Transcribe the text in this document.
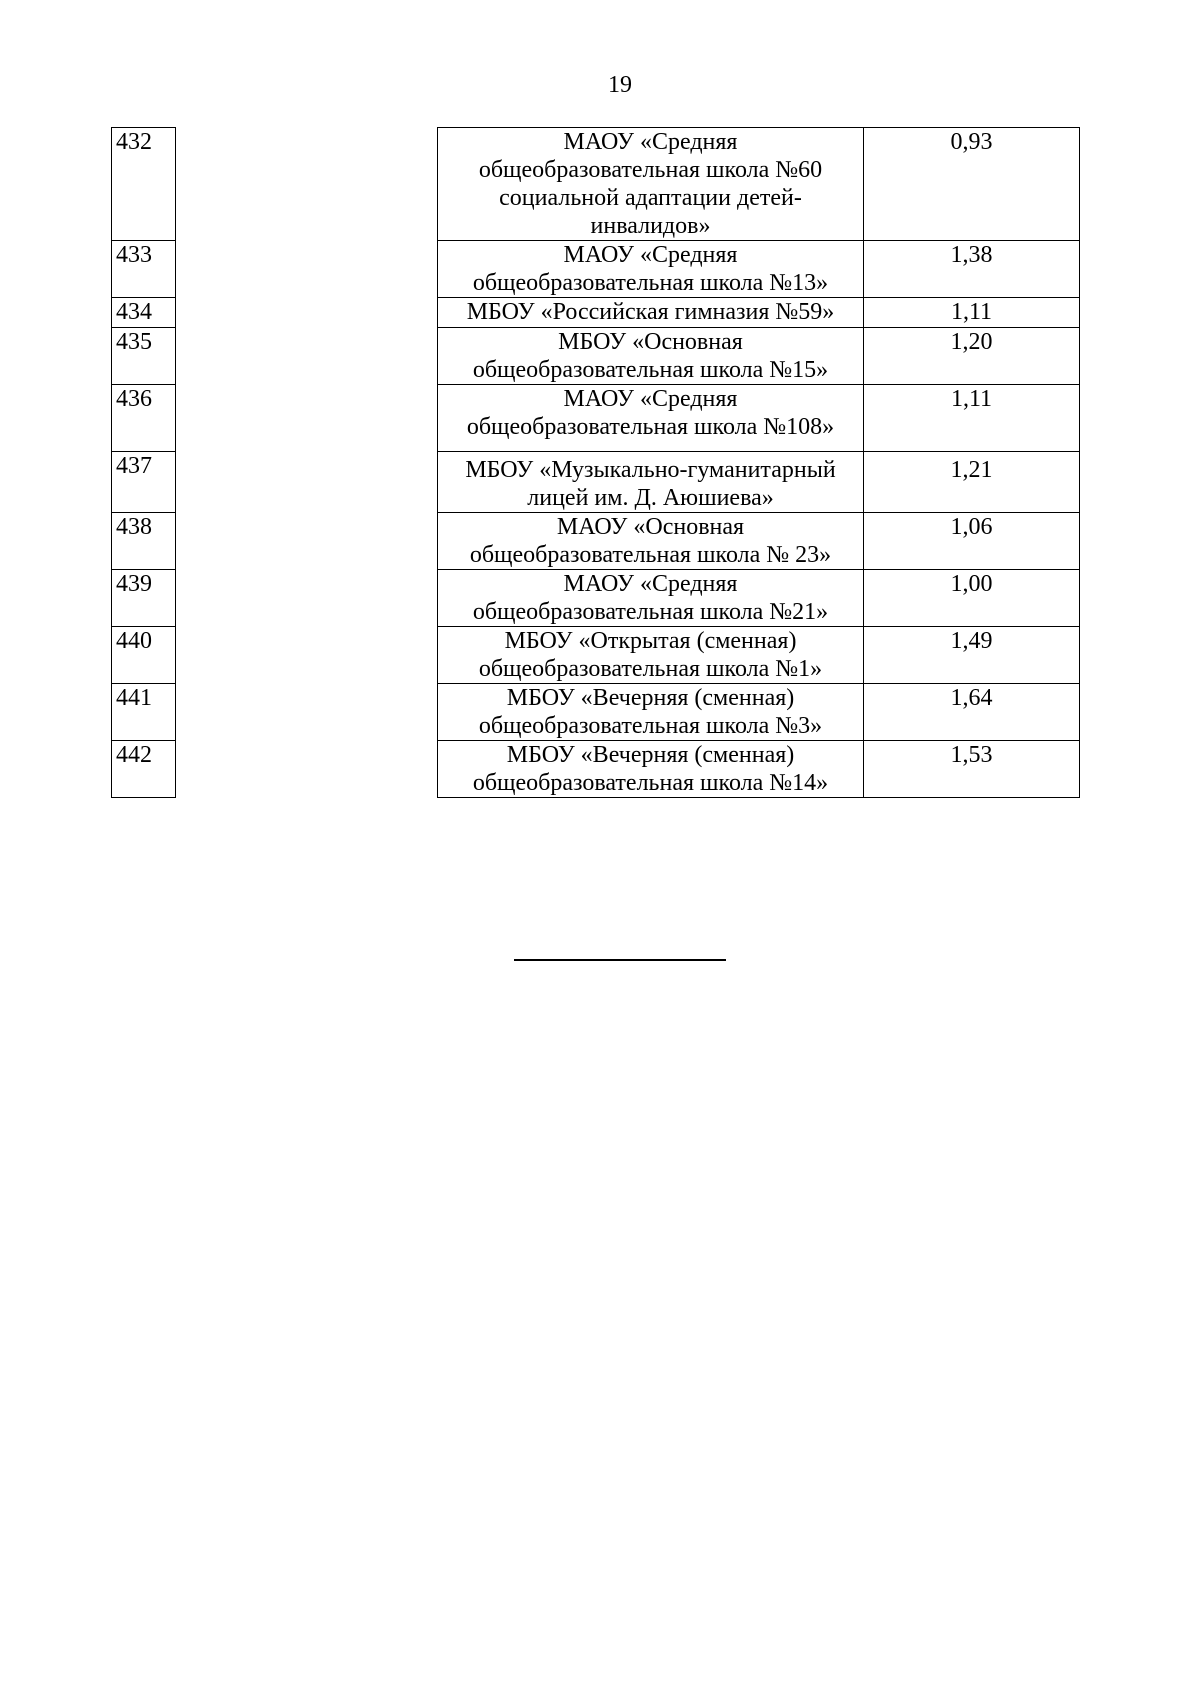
19
432		МАОУ «Средняя
общеобразовательная школа №60
социальной адаптации детей-
инвалидов»	0,93
433		МАОУ «Средняя
общеобразовательная школа №13»	1,38
434		МБОУ «Российская гимназия №59»	1,11
435		МБОУ «Основная
общеобразовательная школа №15»	1,20
436		МАОУ «Средняя
общеобразовательная школа №108»	1,11
437		МБОУ «Музыкально-гуманитарный
лицей им. Д. Аюшиева»	1,21
438		МАОУ «Основная
общеобразовательная школа № 23»	1,06
439		МАОУ «Средняя
общеобразовательная школа №21»	1,00
440		МБОУ «Открытая (сменная)
общеобразовательная школа №1»	1,49
441		МБОУ «Вечерняя (сменная)
общеобразовательная школа №3»	1,64
442		МБОУ «Вечерняя (сменная)
общеобразовательная школа №14»	1,53
